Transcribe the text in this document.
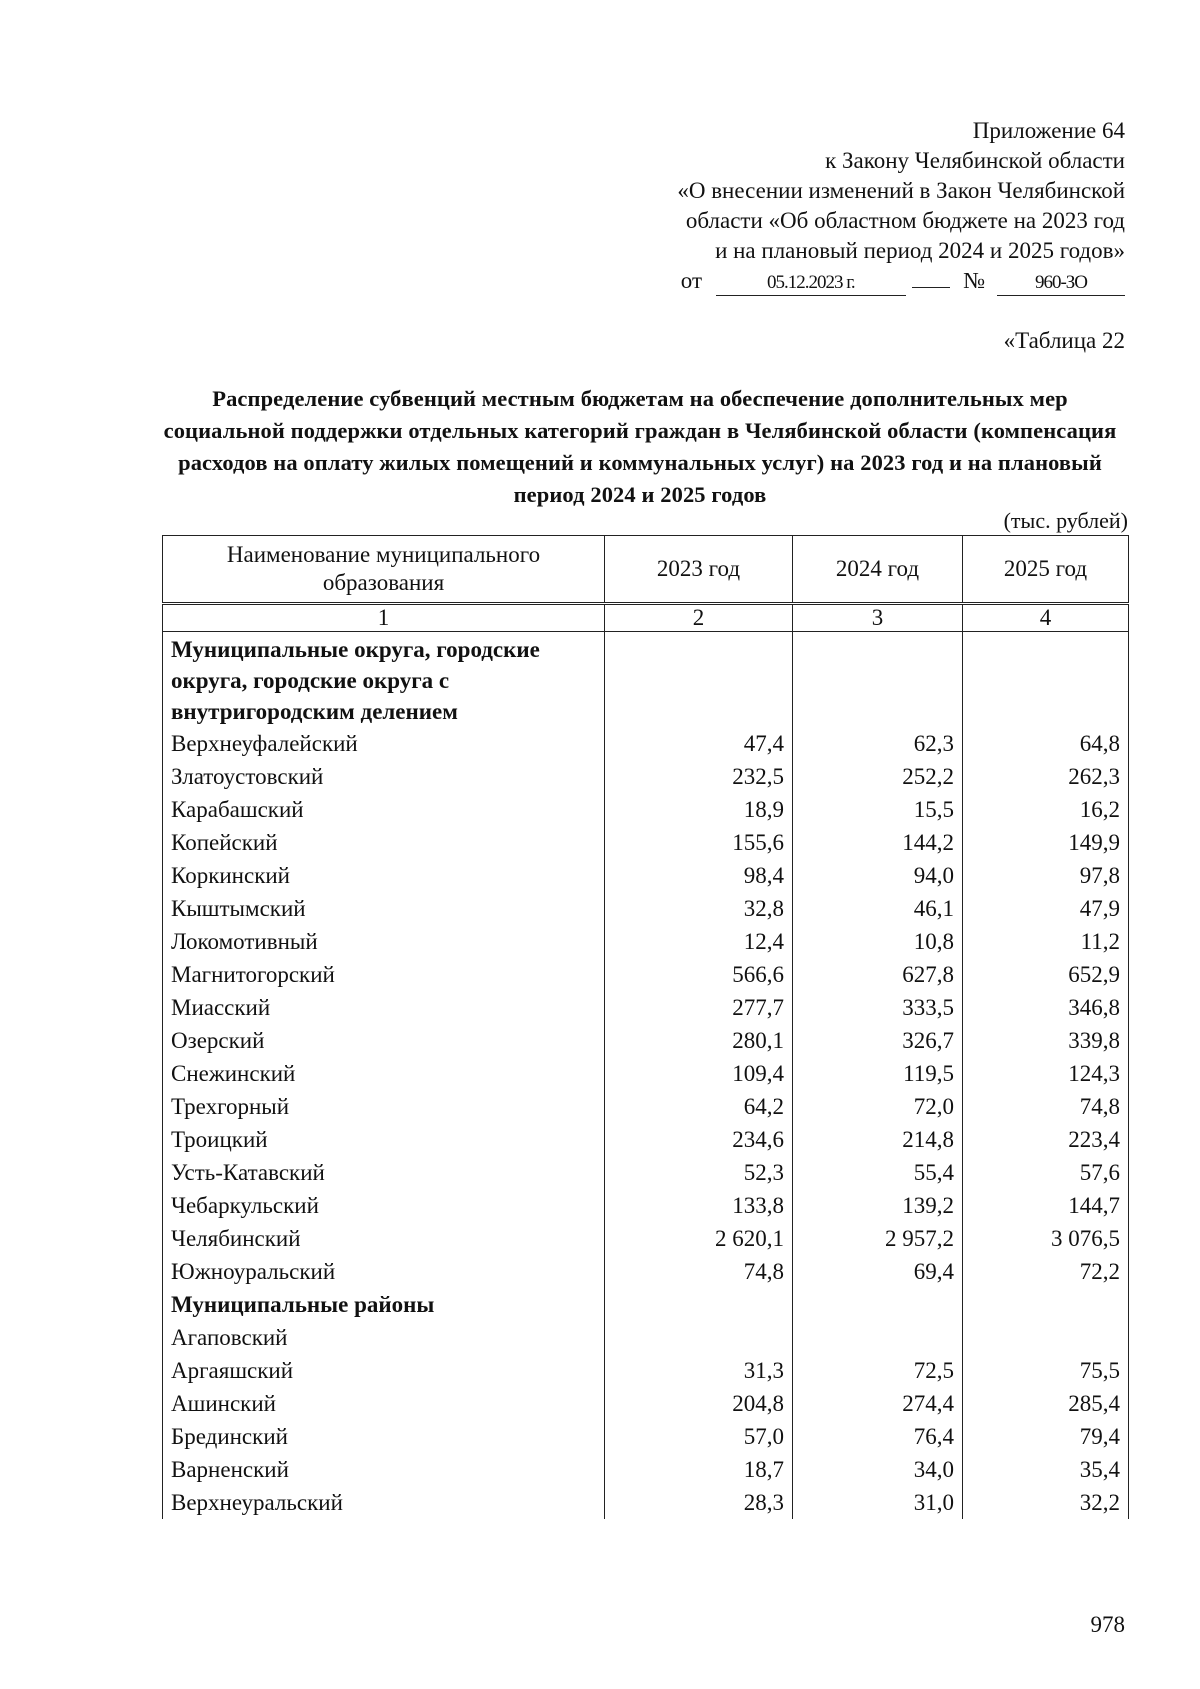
Приложение 64
к Закону Челябинской области
«О внесении изменений в Закон Челябинской
области «Об областном бюджете на 2023 год
и на плановый период 2024 и 2025 годов»
от	05.12.2023 г.	№	960-ЗО
«Таблица 22
Распределение субвенций местным бюджетам на обеспечение дополнительных мер социальной поддержки отдельных категорий граждан в Челябинской области (компенсация расходов на оплату жилых помещений и коммунальных услуг) на 2023 год и на плановый период 2024 и 2025 годов
(тыс. рублей)
Наименование муниципального образования	2023 год	2024 год	2025 год
1	2	3	4
Муниципальные округа, городские округа, городские округа с внутригородским делением			
Верхнеуфалейский	47,4	62,3	64,8
Златоустовский	232,5	252,2	262,3
Карабашский	18,9	15,5	16,2
Копейский	155,6	144,2	149,9
Коркинский	98,4	94,0	97,8
Кыштымский	32,8	46,1	47,9
Локомотивный	12,4	10,8	11,2
Магнитогорский	566,6	627,8	652,9
Миасский	277,7	333,5	346,8
Озерский	280,1	326,7	339,8
Снежинский	109,4	119,5	124,3
Трехгорный	64,2	72,0	74,8
Троицкий	234,6	214,8	223,4
Усть-Катавский	52,3	55,4	57,6
Чебаркульский	133,8	139,2	144,7
Челябинский	2 620,1	2 957,2	3 076,5
Южноуральский	74,8	69,4	72,2
Муниципальные районы			
Агаповский			
Аргаяшский	31,3	72,5	75,5
Ашинский	204,8	274,4	285,4
Брединский	57,0	76,4	79,4
Варненский	18,7	34,0	35,4
Верхнеуральский	28,3	31,0	32,2
978
